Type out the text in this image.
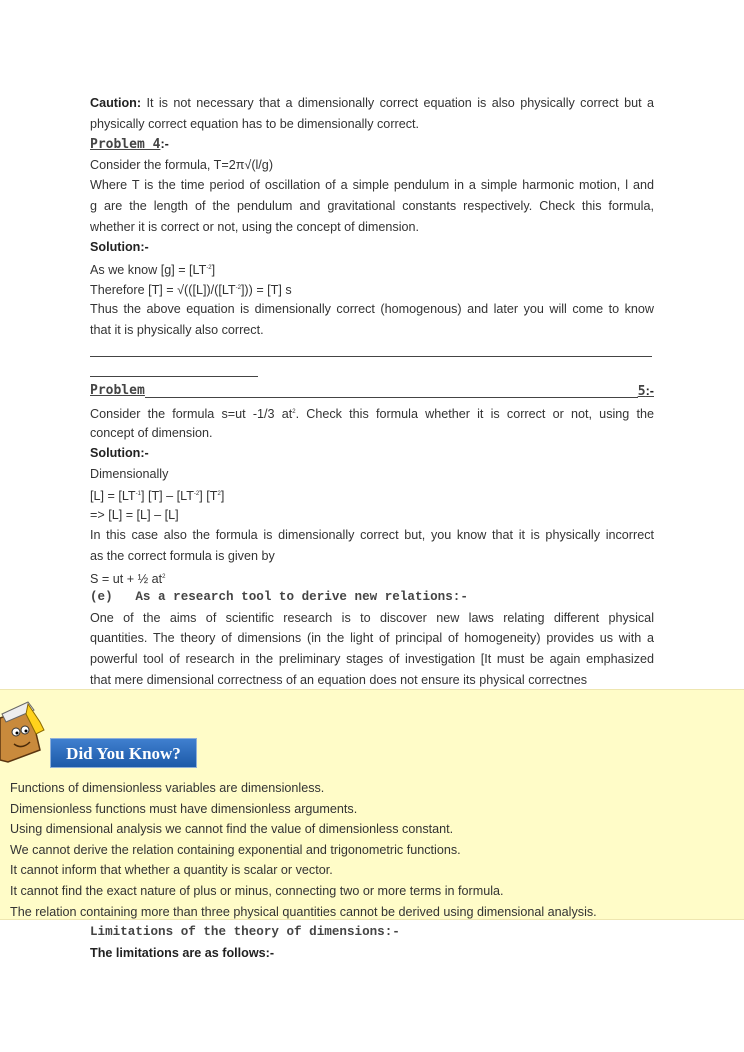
Caution: It is not necessary that a dimensionally correct equation is also physically correct but a
physically correct equation has to be dimensionally correct.
Problem 4:-
Consider the formula, T=2π√(l/g)
Where T is the time period of oscillation of a simple pendulum in a simple harmonic motion, l and
g are the length of the pendulum and gravitational constants respectively. Check this formula,
whether it is correct or not, using the concept of dimension.
Solution:-
As we know $[g] = [LT^{-2}]$
Therefore $[T] = √(([L])/([LT^{-2}])) = [T]$ s
Thus the above equation is dimensionally correct (homogenous) and later you will come to know
that it is physically also correct.
Problem	5:-
Consider the formula s=ut -1/3 $at^2$. Check this formula whether it is correct or not, using the
concept of dimension.
Solution:-
Dimensionally
$[L] = [LT^{-1}]$ $[T] - [LT^{-2}]$ $[T^2]$
=> [L] = [L] – [L]
In this case also the formula is dimensionally correct but, you know that it is physically incorrect
as the correct formula is given by
S = ut + ½ $at^2$
(e)   As a research tool to derive new relations:-
One of the aims of scientific research is to discover new laws relating different physical
quantities. The theory of dimensions (in the light of principal of homogeneity) provides us with a
powerful tool of research in the preliminary stages of investigation [It must be again emphasized
that mere dimensional correctness of an equation does not ensure its physical correctnes
Did You Know?
Functions of dimensionless variables are dimensionless.
Dimensionless functions must have dimensionless arguments.
Using dimensional analysis we cannot find the value of dimensionless constant.
We cannot derive the relation containing exponential and trigonometric functions.
It cannot inform that whether a quantity is scalar or vector.
It cannot find the exact nature of plus or minus, connecting two or more terms in formula.
The relation containing more than three physical quantities cannot be derived using dimensional analysis.
Limitations of the theory of dimensions:-
The limitations are as follows:-
